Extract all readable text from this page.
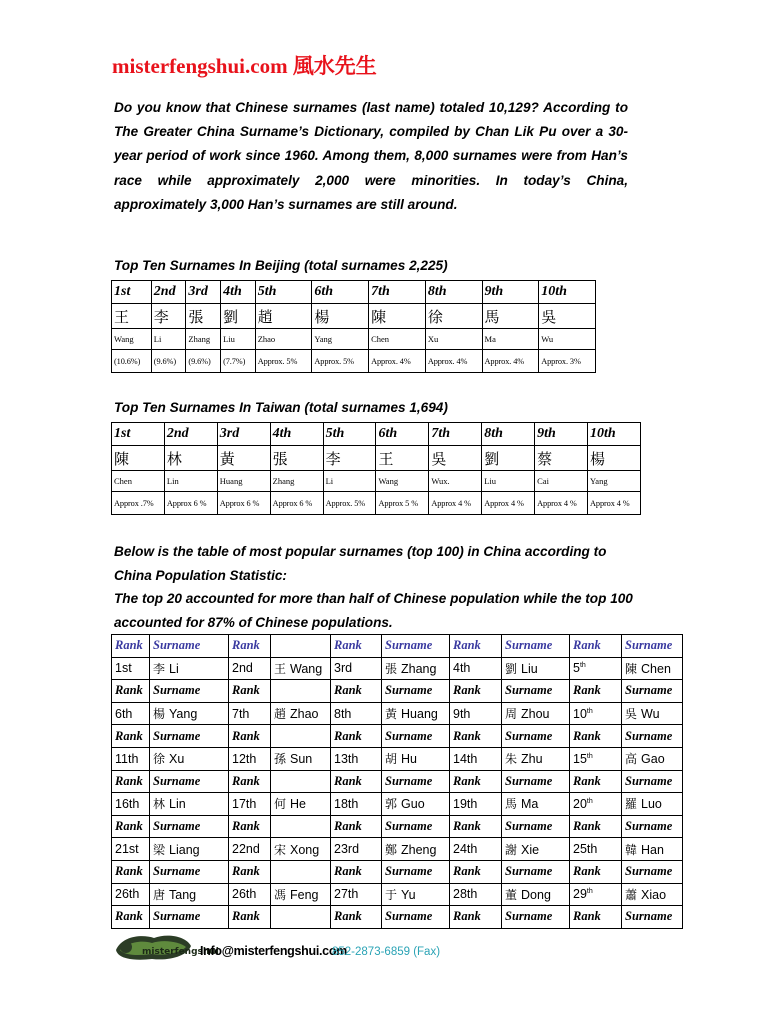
misterfengshui.com 風水先生

Do you know that Chinese surnames (last name) totaled 10,129? According to The Greater China Surname’s Dictionary, compiled by Chan Lik Pu over a 30-year period of work since 1960. Among them, 8,000 surnames were from Han’s race while approximately 2,000 were minorities. In today’s China, approximately 3,000 Han’s surnames are still around.

Top Ten Surnames In Beijing (total surnames 2,225)

1st	2nd	3rd	4th	5th	6th	7th	8th	9th	10th
王	李	張	劉	趙	楊	陳	徐	馬	吳
Wang	Li	Zhang	Liu	Zhao	Yang	Chen	Xu	Ma	Wu
(10.6%)	(9.6%)	(9.6%)	(7.7%)	Approx. 5%	Approx. 5%	Approx. 4%	Approx. 4%	Approx. 4%	Approx. 3%

Top Ten Surnames In Taiwan (total surnames 1,694)

1st	2nd	3rd	4th	5th	6th	7th	8th	9th	10th
陳	林	黃	張	李	王	吳	劉	蔡	楊
Chen	Lin	Huang	Zhang	Li	Wang	Wux.	Liu	Cai	Yang
Approx .7%	Approx 6 %	Approx 6 %	Approx 6 %	Approx. 5%	Approx 5 %	Approx 4 %	Approx 4 %	Approx 4 %	Approx 4 %
Below is the table of most popular surnames (top 100) in China according to China Population Statistic:
The top 20 accounted for more than half of Chinese population while the top 100 accounted for 87% of Chinese populations.
Rank	Surname	Rank		Rank	Surname	Rank	Surname	Rank	Surname
1st	李 Li	2nd	王 Wang	3rd	張 Zhang	4th	劉 Liu	5th	陳 Chen
Rank	Surname	Rank		Rank	Surname	Rank	Surname	Rank	Surname
6th	楊 Yang	7th	趙 Zhao	8th	黃 Huang	9th	周 Zhou	10th	吳 Wu
Rank	Surname	Rank		Rank	Surname	Rank	Surname	Rank	Surname
11th	徐 Xu	12th	孫 Sun	13th	胡 Hu	14th	朱 Zhu	15th	高 Gao
Rank	Surname	Rank		Rank	Surname	Rank	Surname	Rank	Surname
16th	林 Lin	17th	何 He	18th	郭 Guo	19th	馬 Ma	20th	羅 Luo
Rank	Surname	Rank		Rank	Surname	Rank	Surname	Rank	Surname
21st	梁 Liang	22nd	宋 Xong	23rd	鄭 Zheng	24th	謝 Xie	25th	韓 Han
Rank	Surname	Rank		Rank	Surname	Rank	Surname	Rank	Surname
26th	唐 Tang	26th	馮 Feng	27th	于 Yu	28th	董 Dong	29th	蕭 Xiao
Rank	Surname	Rank		Rank	Surname	Rank	Surname	Rank	Surname
misterfengshui
Info@misterfengshui.com
852-2873-6859 (Fax)
